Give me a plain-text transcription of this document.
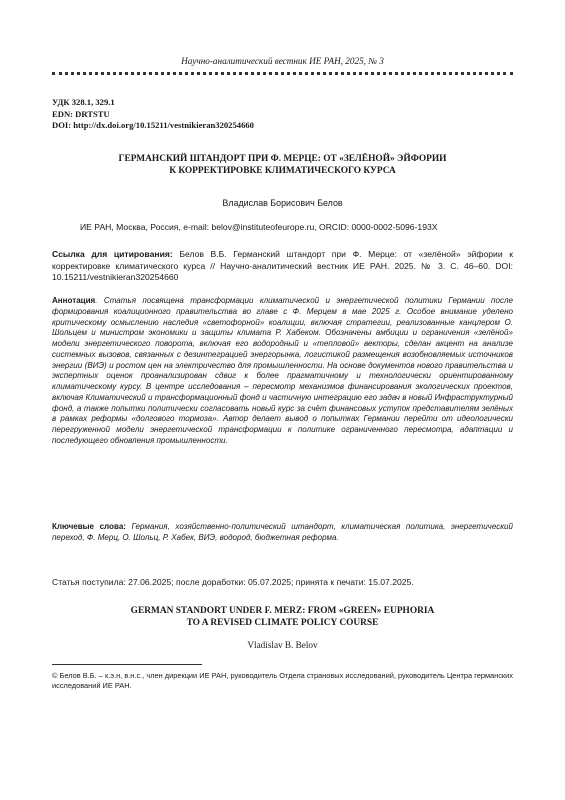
Научно-аналитический вестник ИЕ РАН, 2025, № 3
УДК 328.1, 329.1
EDN: DRTSTU
DOI: http://dx.doi.org/10.15211/vestnikieran320254660
ГЕРМАНСКИЙ ШТАНДОРТ ПРИ Ф. МЕРЦЕ: ОТ «ЗЕЛЁНОЙ» ЭЙФОРИИ
К КОРРЕКТИРОВКЕ КЛИМАТИЧЕСКОГО КУРСА
Владислав Борисович Белов
ИЕ РАН, Москва, Россия, e-mail: belov@instituteofeurope.ru, ORCID: 0000-0002-5096-193X
Ссылка для цитирования: Белов В.Б. Германский штандорт при Ф. Мерце: от «зелёной» эйфории к корректировке климатического курса // Научно-аналитический вестник ИЕ РАН. 2025. № 3. С. 46–60. DOI: 10.15211/vestnikieran320254660
Аннотация. Статья посвящена трансформации климатической и энергетической политики Германии после формирования коалиционного правительства во главе с Ф. Мерцем в мае 2025 г. Особое внимание уделено критическому осмыслению наследия «светофорной» коалиции, включая стратегии, реализованные канцлером О. Шольцем и министром экономики и защиты климата Р. Хабеком. Обозначены амбиции и ограничения «зелёной» модели энергетического поворота, включая его водородный и «тепловой» векторы, сделан акцент на анализе системных вызовов, связанных с дезинтеграцией энергорынка, логистикой размещения возобновляемых источников энергии (ВИЭ) и ростом цен на электричество для промышленности. На основе документов нового правительства и экспертных оценок проанализирован сдвиг к более прагматичному и технологически ориентированному климатическому курсу. В центре исследования – пересмотр механизмов финансирования экологических проектов, включая Климатический и трансформационный фонд и частичную интеграцию его задач в новый Инфраструктурный фонд, а также попытки политически согласовать новый курс за счёт финансовых уступок представителям зелёных в рамках реформы «долгового тормоза». Автор делает вывод о попытках Германии перейти от идеологически перегруженной модели энергетической трансформации к политике ограниченного пересмотра, адаптации и последующего обновления промышленности.
Ключевые слова: Германия, хозяйственно-политический штандорт, климатическая политика, энергетический переход, Ф. Мерц, О. Шольц, Р. Хабек, ВИЭ, водород, бюджетная реформа.
Статья поступила: 27.06.2025; после доработки: 05.07.2025; принята к печати: 15.07.2025.
GERMAN STANDORT UNDER F. MERZ: FROM «GREEN» EUPHORIA
TO A REVISED CLIMATE POLICY COURSE
Vladislav B. Belov
© Белов В.Б. – к.э.н, в.н.с., член дирекции ИЕ РАН, руководитель Отдела страновых исследований, руководитель Центра германских исследований ИЕ РАН.
